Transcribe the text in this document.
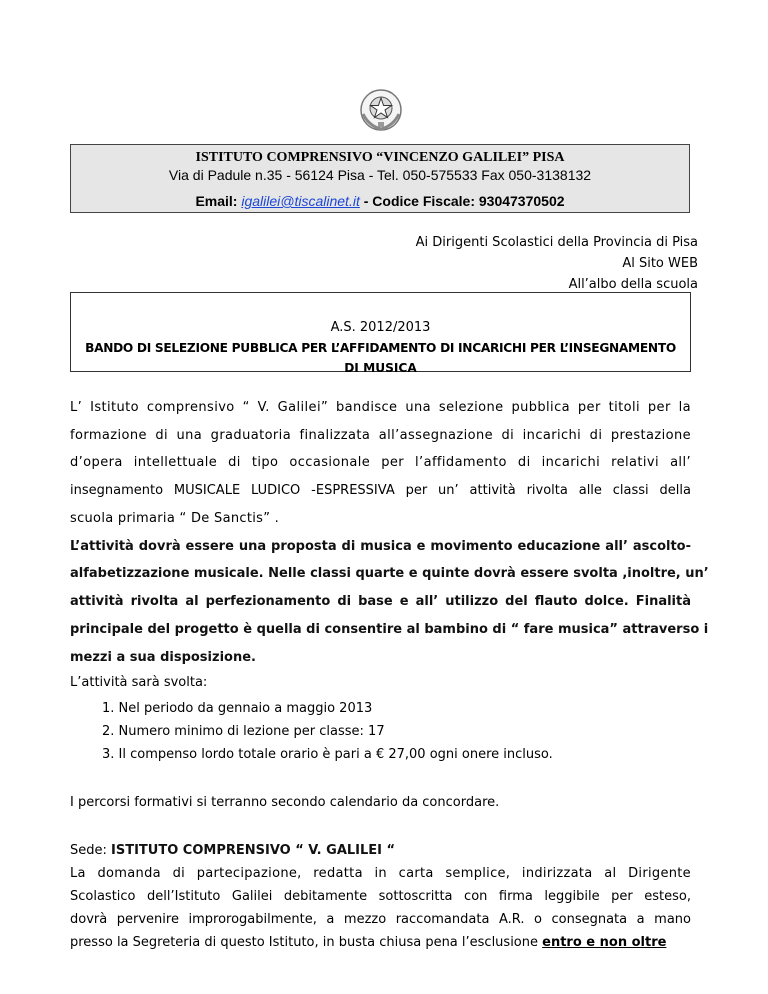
ISTITUTO COMPRENSIVO “VINCENZO GALILEI” PISA
Via di Padule n.35 - 56124 Pisa - Tel. 050-575533 Fax 050-3138132
Email: igalilei@tiscalinet.it - Codice Fiscale: 93047370502
Ai Dirigenti Scolastici della Provincia di Pisa
Al Sito WEB
All’albo della scuola
A.S. 2012/2013
BANDO DI SELEZIONE PUBBLICA PER L’AFFIDAMENTO DI INCARICHI PER L’INSEGNAMENTO
DI MUSICA
L’ Istituto comprensivo “ V. Galilei” bandisce una selezione pubblica per titoli per la
formazione di una graduatoria finalizzata all’assegnazione di incarichi di prestazione
d’opera intellettuale di tipo occasionale per l’affidamento di incarichi relativi all’
insegnamento MUSICALE LUDICO -ESPRESSIVA per un’ attività rivolta alle classi della
scuola primaria “ De Sanctis” .
L’attività dovrà essere una proposta di musica e movimento educazione all’ ascolto-
alfabetizzazione musicale. Nelle classi quarte e quinte dovrà essere svolta ,inoltre, un’
attività rivolta al perfezionamento di base e all’ utilizzo del flauto dolce. Finalità
principale del progetto è quella di consentire al bambino di “ fare musica” attraverso i
mezzi a sua disposizione.
L’attività sarà svolta:
1. Nel periodo da gennaio a maggio 2013
2. Numero minimo di lezione per classe: 17
3. Il compenso lordo totale orario è pari a € 27,00 ogni onere incluso.
I percorsi formativi si terranno secondo calendario da concordare.
Sede: ISTITUTO COMPRENSIVO “ V. GALILEI “
La domanda di partecipazione, redatta in carta semplice, indirizzata al Dirigente
Scolastico dell’Istituto Galilei debitamente sottoscritta con firma leggibile per esteso,
dovrà pervenire improrogabilmente, a mezzo raccomandata A.R. o consegnata a mano
presso la Segreteria di questo Istituto, in busta chiusa pena l’esclusione entro e non oltre
